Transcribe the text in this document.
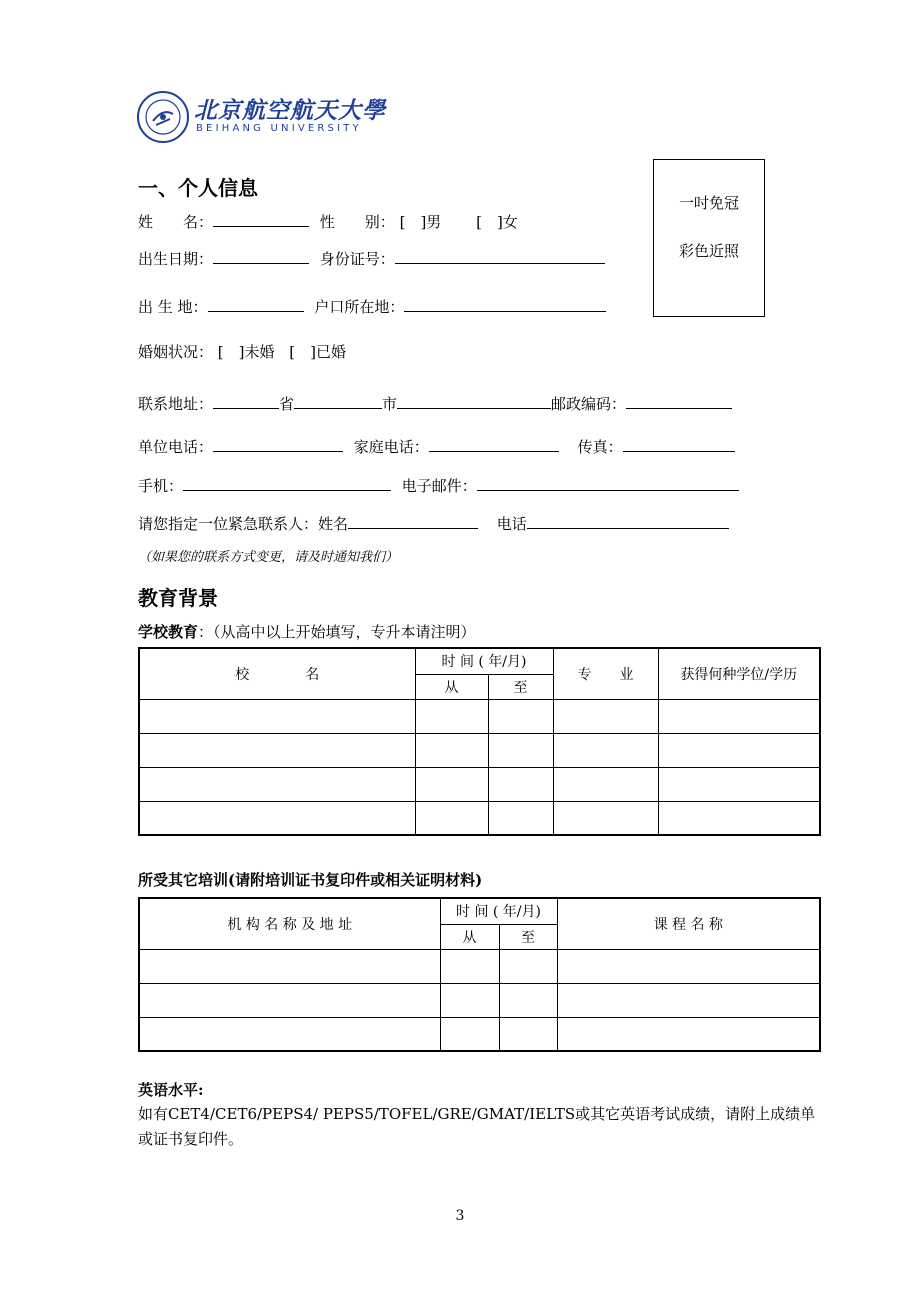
北京航空航天大學
BEIHANG UNIVERSITY
一吋免冠
彩色近照
一、个人信息
姓　　名：	性　　别： [　]男 [　]女
出生日期：	身份证号：
出 生 地：	户口所在地：
婚姻状况： [　]未婚 [　]已婚
联系地址：	省	市	邮政编码：
单位电话：	家庭电话：	传真：
手机：	电子邮件：
请您指定一位紧急联系人：姓名	电话
（如果您的联系方式变更，请及时通知我们）
教育背景
学校教育：（从高中以上开始填写，专升本请注明）
校　　　　名	时 间 ( 年/月)		专　　业	获得何种学位/学历
	从	至		

所受其它培训(请附培训证书复印件或相关证明材料)
机 构 名 称 及 地 址	时 间 ( 年/月)		课 程 名 称
	从	至	

英语水平:
如有CET4/CET6/PEPS4/ PEPS5/TOFEL/GRE/GMAT/IELTS或其它英语考试成绩，请附上成绩单
或证书复印件。
3
